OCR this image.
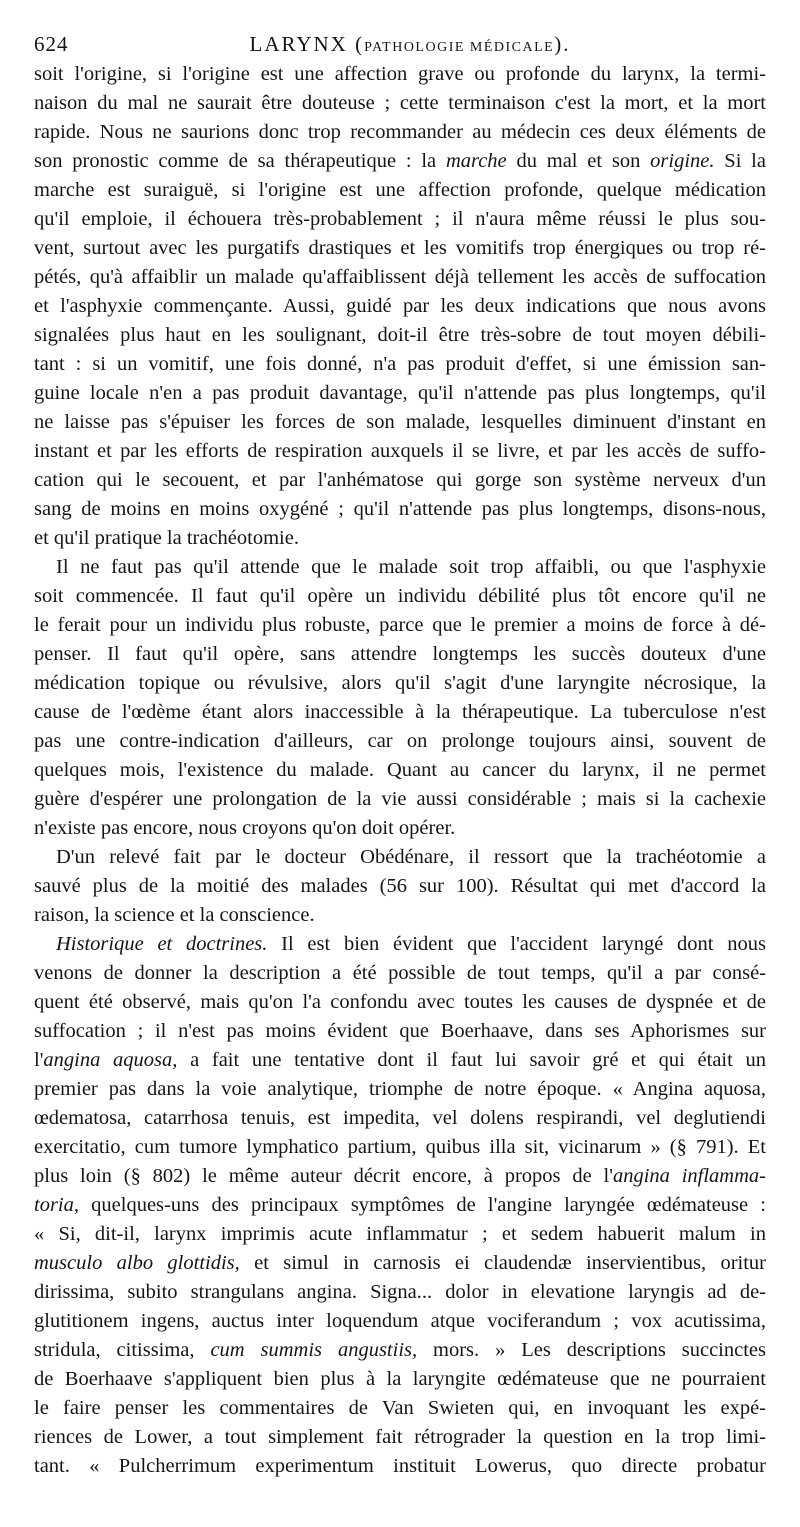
624	LARYNX (PATHOLOGIE MÉDICALE).
soit l'origine, si l'origine est une affection grave ou profonde du larynx, la termi-
naison du mal ne saurait être douteuse ; cette terminaison c'est la mort, et la mort
rapide. Nous ne saurions donc trop recommander au médecin ces deux éléments de
son pronostic comme de sa thérapeutique : la marche du mal et son origine. Si la
marche est suraiguë, si l'origine est une affection profonde, quelque médication
qu'il emploie, il échouera très-probablement ; il n'aura même réussi le plus sou-
vent, surtout avec les purgatifs drastiques et les vomitifs trop énergiques ou trop ré-
pétés, qu'à affaiblir un malade qu'affaiblissent déjà tellement les accès de suffocation
et l'asphyxie commençante. Aussi, guidé par les deux indications que nous avons
signalées plus haut en les soulignant, doit-il être très-sobre de tout moyen débili-
tant : si un vomitif, une fois donné, n'a pas produit d'effet, si une émission san-
guine locale n'en a pas produit davantage, qu'il n'attende pas plus longtemps, qu'il
ne laisse pas s'épuiser les forces de son malade, lesquelles diminuent d'instant en
instant et par les efforts de respiration auxquels il se livre, et par les accès de suffo-
cation qui le secouent, et par l'anhématose qui gorge son système nerveux d'un
sang de moins en moins oxygéné ; qu'il n'attende pas plus longtemps, disons-nous,
et qu'il pratique la trachéotomie.
Il ne faut pas qu'il attende que le malade soit trop affaibli, ou que l'asphyxie
soit commencée. Il faut qu'il opère un individu débilité plus tôt encore qu'il ne
le ferait pour un individu plus robuste, parce que le premier a moins de force à dé-
penser. Il faut qu'il opère, sans attendre longtemps les succès douteux d'une
médication topique ou révulsive, alors qu'il s'agit d'une laryngite nécrosique, la
cause de l'œdème étant alors inaccessible à la thérapeutique. La tuberculose n'est
pas une contre-indication d'ailleurs, car on prolonge toujours ainsi, souvent de
quelques mois, l'existence du malade. Quant au cancer du larynx, il ne permet
guère d'espérer une prolongation de la vie aussi considérable ; mais si la cachexie
n'existe pas encore, nous croyons qu'on doit opérer.
D'un relevé fait par le docteur Obédénare, il ressort que la trachéotomie a
sauvé plus de la moitié des malades (56 sur 100). Résultat qui met d'accord la
raison, la science et la conscience.
Historique et doctrines. Il est bien évident que l'accident laryngé dont nous
venons de donner la description a été possible de tout temps, qu'il a par consé-
quent été observé, mais qu'on l'a confondu avec toutes les causes de dyspnée et de
suffocation ; il n'est pas moins évident que Boerhaave, dans ses Aphorismes sur
l'angina aquosa, a fait une tentative dont il faut lui savoir gré et qui était un
premier pas dans la voie analytique, triomphe de notre époque. « Angina aquosa,
œdematosa, catarrhosa tenuis, est impedita, vel dolens respirandi, vel deglutiendi
exercitatio, cum tumore lymphatico partium, quibus illa sit, vicinarum » (§ 791). Et
plus loin (§ 802) le même auteur décrit encore, à propos de l'angina inflamma-
toria, quelques-uns des principaux symptômes de l'angine laryngée œdémateuse :
« Si, dit-il, larynx imprimis acute inflammatur ; et sedem habuerit malum in
musculo albo glottidis, et simul in carnosis ei claudendæ inservientibus, oritur
dirissima, subito strangulans angina. Signa... dolor in elevatione laryngis ad de-
glutitionem ingens, auctus inter loquendum atque vociferandum ; vox acutissima,
stridula, citissima, cum summis angustiis, mors. » Les descriptions succinctes
de Boerhaave s'appliquent bien plus à la laryngite œdémateuse que ne pourraient
le faire penser les commentaires de Van Swieten qui, en invoquant les expé-
riences de Lower, a tout simplement fait rétrograder la question en la trop limi-
tant. « Pulcherrimum experimentum instituit Lowerus, quo directe probatur
